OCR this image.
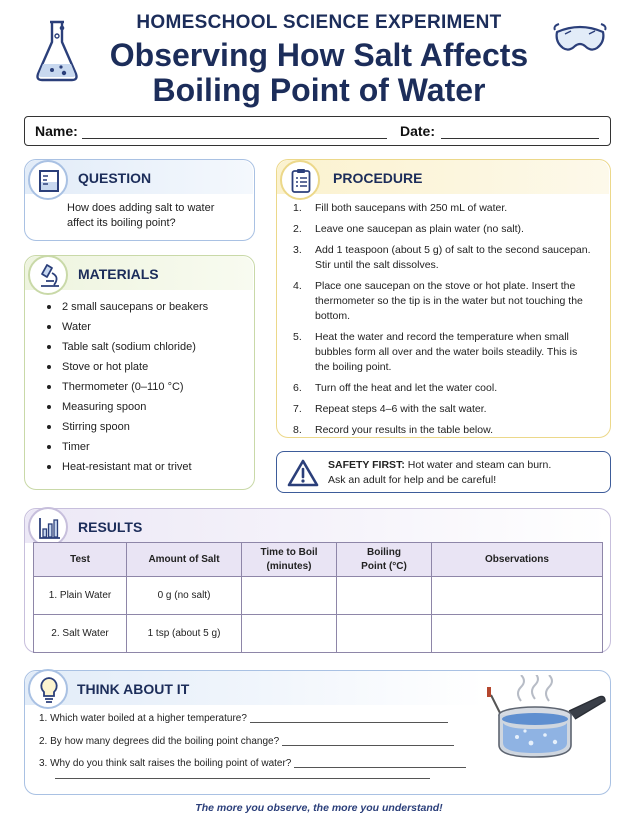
HOMESCHOOL SCIENCE EXPERIMENT
Observing How Salt Affects
Boiling Point of Water
Name:	Date:
QUESTION
How does adding salt to water affect its boiling point?
MATERIALS
2 small saucepans or beakers
Water
Table salt (sodium chloride)
Stove or hot plate
Thermometer (0–110 °C)
Measuring spoon
Stirring spoon
Timer
Heat-resistant mat or trivet
PROCEDURE
1. Fill both saucepans with 250 mL of water.
2. Leave one saucepan as plain water (no salt).
3. Add 1 teaspoon (about 5 g) of salt to the second saucepan. Stir until the salt dissolves.
4. Place one saucepan on the stove or hot plate. Insert the thermometer so the tip is in the water but not touching the bottom.
5. Heat the water and record the temperature when small bubbles form all over and the water boils steadily. This is the boiling point.
6. Turn off the heat and let the water cool.
7. Repeat steps 4–6 with the salt water.
8. Record your results in the table below.
SAFETY FIRST: Hot water and steam can burn.
Ask an adult for help and be careful!
RESULTS
Test	Amount of Salt	Time to Boil (minutes)	Boiling Point (°C)	Observations
1. Plain Water	0 g (no salt)			
2. Salt Water	1 tsp (about 5 g)			
THINK ABOUT IT
1. Which water boiled at a higher temperature?
2. By how many degrees did the boiling point change?
3. Why do you think salt raises the boiling point of water?
The more you observe, the more you understand!
